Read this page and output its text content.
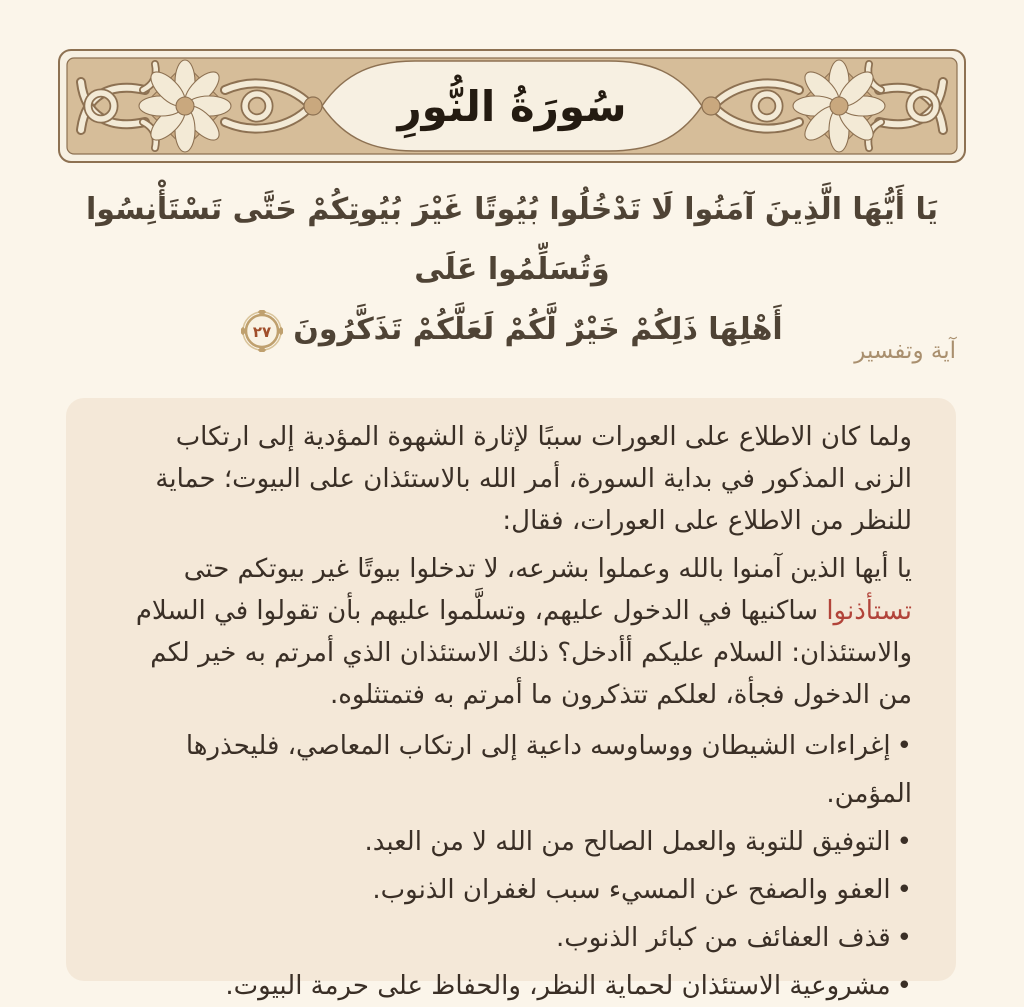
سُورَةُ النُّورِ
يَا أَيُّهَا الَّذِينَ آمَنُوا لَا تَدْخُلُوا بُيُوتًا غَيْرَ بُيُوتِكُمْ حَتَّى تَسْتَأْنِسُوا وَتُسَلِّمُوا عَلَى
أَهْلِهَا ذَلِكُمْ خَيْرٌ لَّكُمْ لَعَلَّكُمْ تَذَكَّرُونَ
٢٧
آية وتفسير

ولما كان الاطلاع على العورات سببًا لإثارة الشهوة المؤدية إلى ارتكاب الزنى المذكور في بداية السورة، أمر الله بالاستئذان على البيوت؛ حماية للنظر من الاطلاع على العورات، فقال:

يا أيها الذين آمنوا بالله وعملوا بشرعه، لا تدخلوا بيوتًا غير بيوتكم حتى تستأذنوا ساكنيها في الدخول عليهم، وتسلَّموا عليهم بأن تقولوا في السلام والاستئذان: السلام عليكم أأدخل؟ ذلك الاستئذان الذي أمرتم به خير لكم من الدخول فجأة، لعلكم تتذكرون ما أمرتم به فتمتثلوه.

•إغراءات الشيطان ووساوسه داعية إلى ارتكاب المعاصي، فليحذرها المؤمن.
•التوفيق للتوبة والعمل الصالح من الله لا من العبد.
•العفو والصفح عن المسيء سبب لغفران الذنوب.
•قذف العفائف من كبائر الذنوب.
•مشروعية الاستئذان لحماية النظر، والحفاظ على حرمة البيوت.
